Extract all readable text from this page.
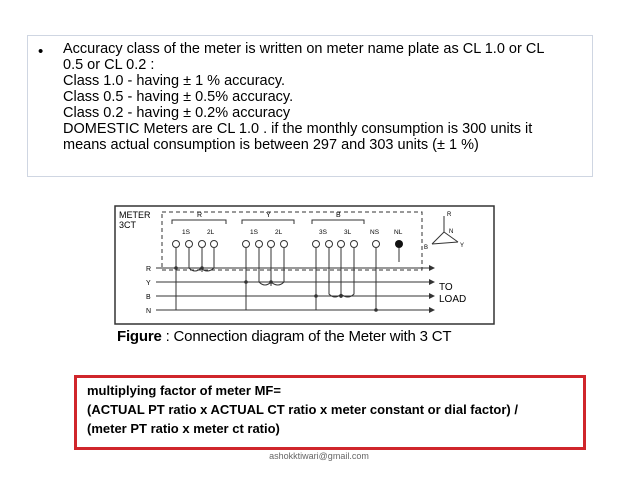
• Accuracy class of the meter is written on meter name plate as CL 1.0 or CL
0.5 or CL 0.2 :
Class 1.0 - having ± 1 % accuracy.
Class 0.5 - having ± 0.5% accuracy.
Class 0.2 - having ± 0.2% accuracy
DOMESTIC Meters are CL 1.0 . if the monthly consumption is 300 units it
means actual consumption is between 297 and 303 units (± 1 %)
METER
3CT
R	Y	B
1S	2L	1S	2L	3S	3L	NS NL
R
Y
B
N
TO
LOAD
R
N
B	Y
Figure : Connection diagram of the Meter with 3 CT
multiplying factor of meter MF=
(ACTUAL PT ratio x ACTUAL CT ratio x meter constant or dial factor) /
(meter PT ratio x meter ct ratio)
ashokktiwari@gmail.com
